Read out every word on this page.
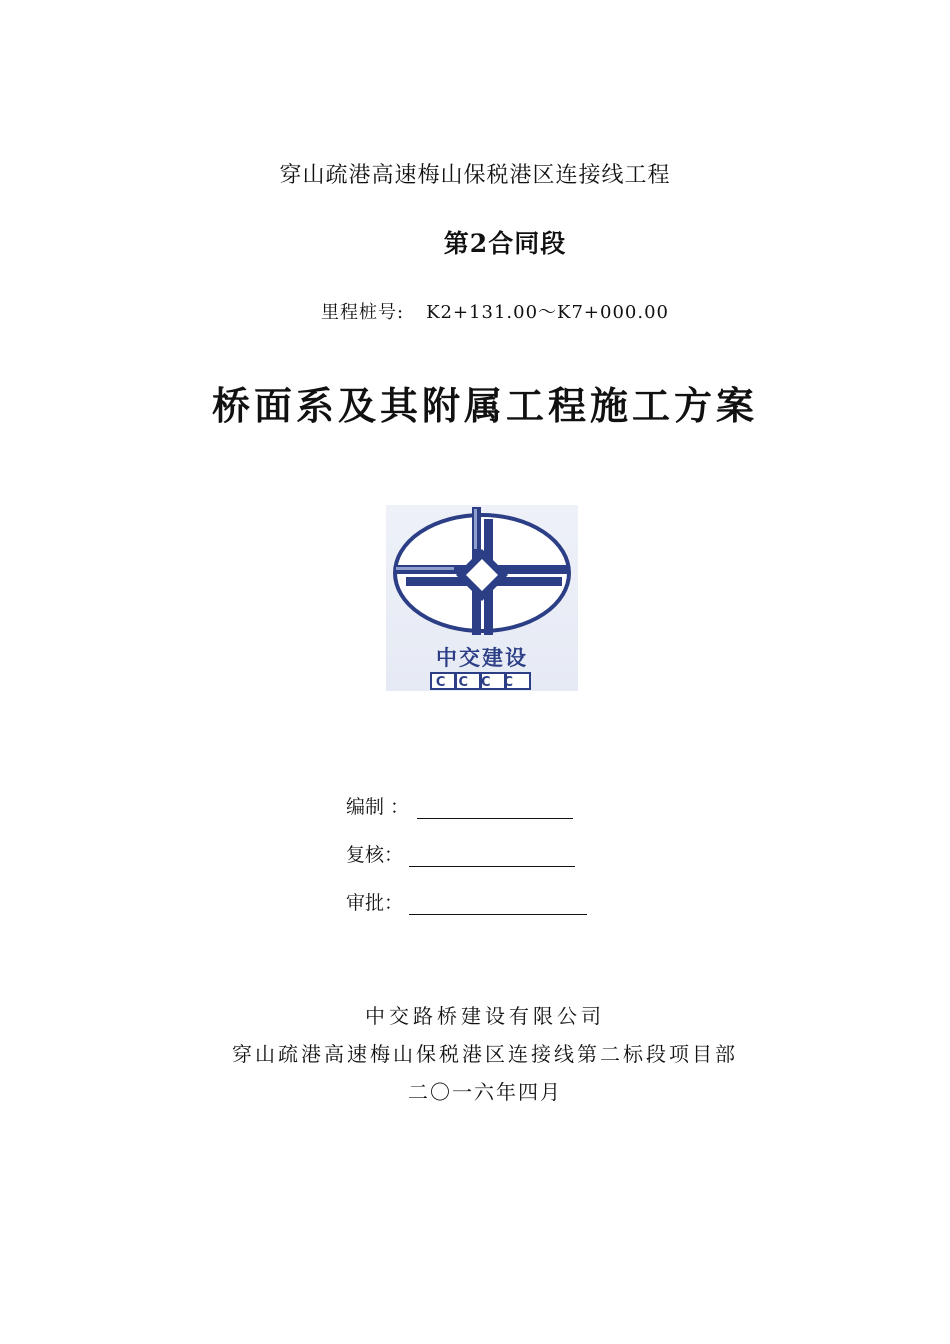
穿山疏港高速梅山保税港区连接线工程
第2合同段
里程桩号: K2+131.00～K7+000.00
桥面系及其附属工程施工方案
中交建设
CCCC
编制 ：
复核：
审批：
中交路桥建设有限公司
穿山疏港高速梅山保税港区连接线第二标段项目部
二〇一六年四月
